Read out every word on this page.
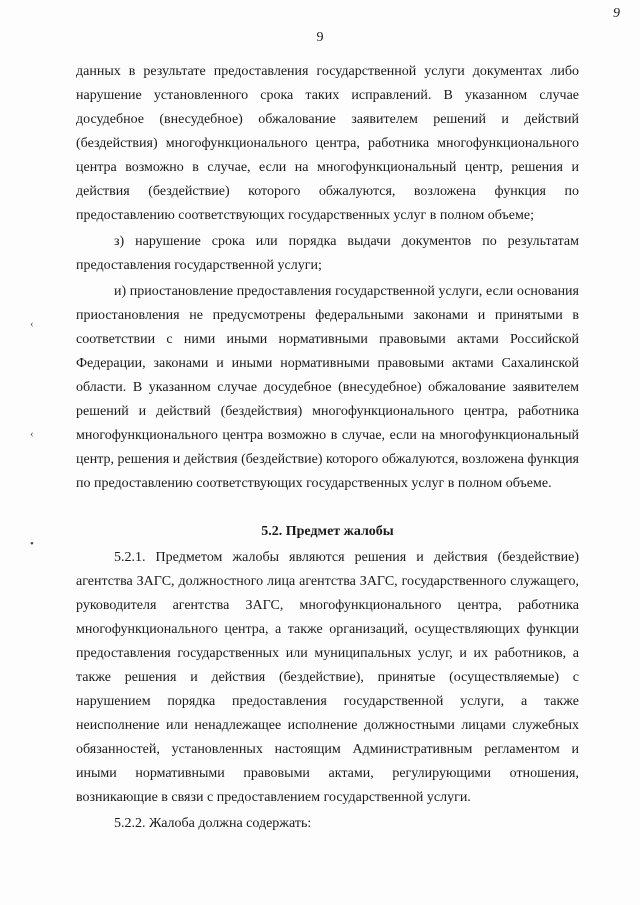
9
9
‹
‹
•

данных в результате предоставления государственной услуги документах либо нарушение установленного срока таких исправлений. В указанном случае досудебное (внесудебное) обжалование заявителем решений и действий (бездействия) многофункционального центра, работника многофункционального центра возможно в случае, если на многофункциональный центр, решения и действия (бездействие) которого обжалуются, возложена функция по предоставлению соответствующих государственных услуг в полном объеме;

з) нарушение срока или порядка выдачи документов по результатам предоставления государственной услуги;

и) приостановление предоставления государственной услуги, если основания приостановления не предусмотрены федеральными законами и принятыми в соответствии с ними иными нормативными правовыми актами Российской Федерации, законами и иными нормативными правовыми актами Сахалинской области. В указанном случае досудебное (внесудебное) обжалование заявителем решений и действий (бездействия) многофункционального центра, работника многофункционального центра возможно в случае, если на многофункциональный центр, решения и действия (бездействие) которого обжалуются, возложена функция по предоставлению соответствующих государственных услуг в полном объеме.

5.2. Предмет жалобы

5.2.1. Предметом жалобы являются решения и действия (бездействие) агентства ЗАГС, должностного лица агентства ЗАГС, государственного служащего, руководителя агентства ЗАГС, многофункционального центра, работника многофункционального центра, а также организаций, осуществляющих функции предоставления государственных или муниципальных услуг, и их работников, а также решения и действия (бездействие), принятые (осуществляемые) с нарушением порядка предоставления государственной услуги, а также неисполнение или ненадлежащее исполнение должностными лицами служебных обязанностей, установленных настоящим Административным регламентом и иными нормативными правовыми актами, регулирующими отношения, возникающие в связи с предоставлением государственной услуги.

5.2.2. Жалоба должна содержать:
